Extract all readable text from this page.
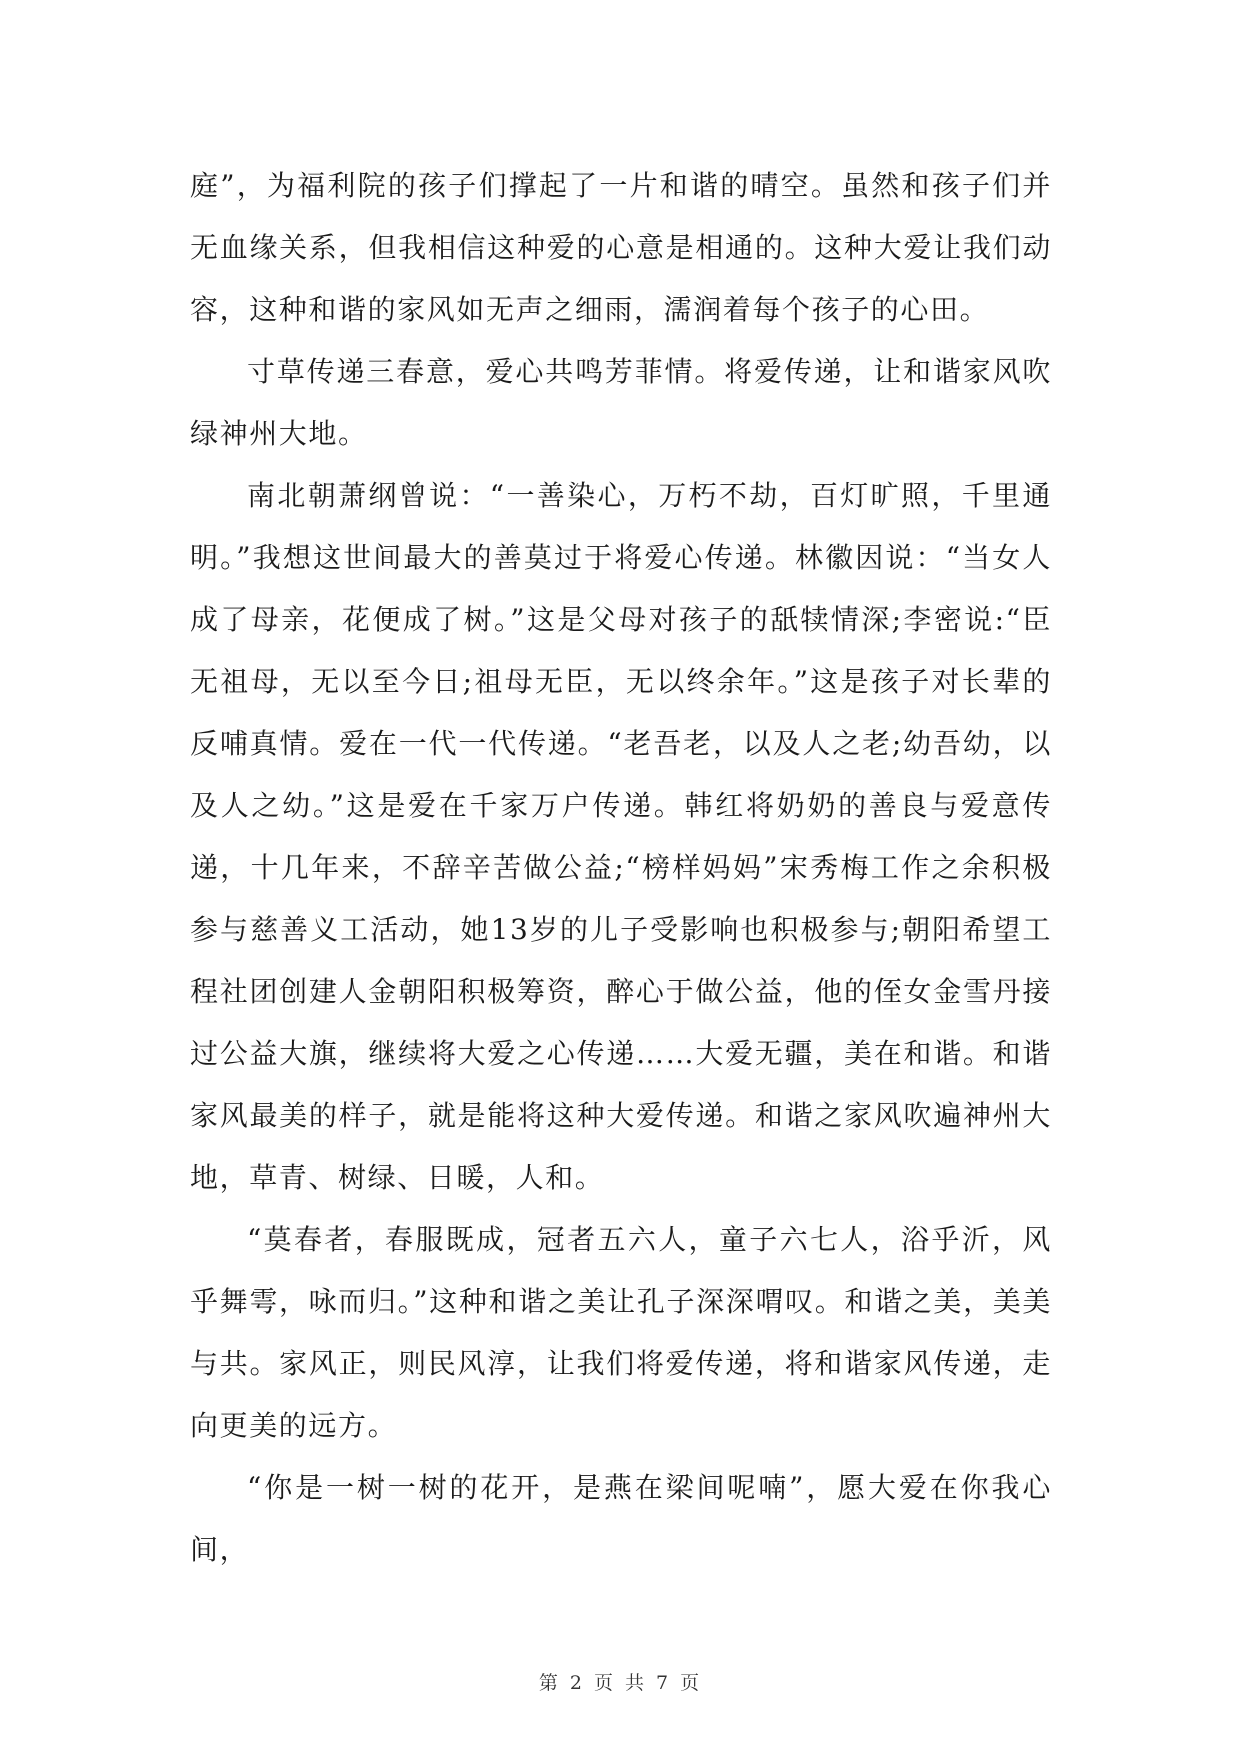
庭”，为福利院的孩子们撑起了一片和谐的晴空。虽然和孩子们并无血缘关系，但我相信这种爱的心意是相通的。这种大爱让我们动容，这种和谐的家风如无声之细雨，濡润着每个孩子的心田。

寸草传递三春意，爱心共鸣芳菲情。将爱传递，让和谐家风吹绿神州大地。

南北朝萧纲曾说：“一善染心，万朽不劫，百灯旷照，千里通明。”我想这世间最大的善莫过于将爱心传递。林徽因说：“当女人成了母亲，花便成了树。”这是父母对孩子的舐犊情深;李密说:“臣无祖母，无以至今日;祖母无臣，无以终余年。”这是孩子对长辈的反哺真情。爱在一代一代传递。“老吾老，以及人之老;幼吾幼，以及人之幼。”这是爱在千家万户传递。韩红将奶奶的善良与爱意传递，十几年来，不辞辛苦做公益;“榜样妈妈”宋秀梅工作之余积极参与慈善义工活动，她13岁的儿子受影响也积极参与;朝阳希望工程社团创建人金朝阳积极筹资，醉心于做公益，他的侄女金雪丹接过公益大旗，继续将大爱之心传递……大爱无疆，美在和谐。和谐家风最美的样子，就是能将这种大爱传递。和谐之家风吹遍神州大地，草青、树绿、日暖，人和。

“莫春者，春服既成，冠者五六人，童子六七人，浴乎沂，风乎舞雩，咏而归。”这种和谐之美让孔子深深喟叹。和谐之美，美美与共。家风正，则民风淳，让我们将爱传递，将和谐家风传递，走向更美的远方。

“你是一树一树的花开，是燕在梁间呢喃”，愿大爱在你我心间，

第 2 页 共 7 页
